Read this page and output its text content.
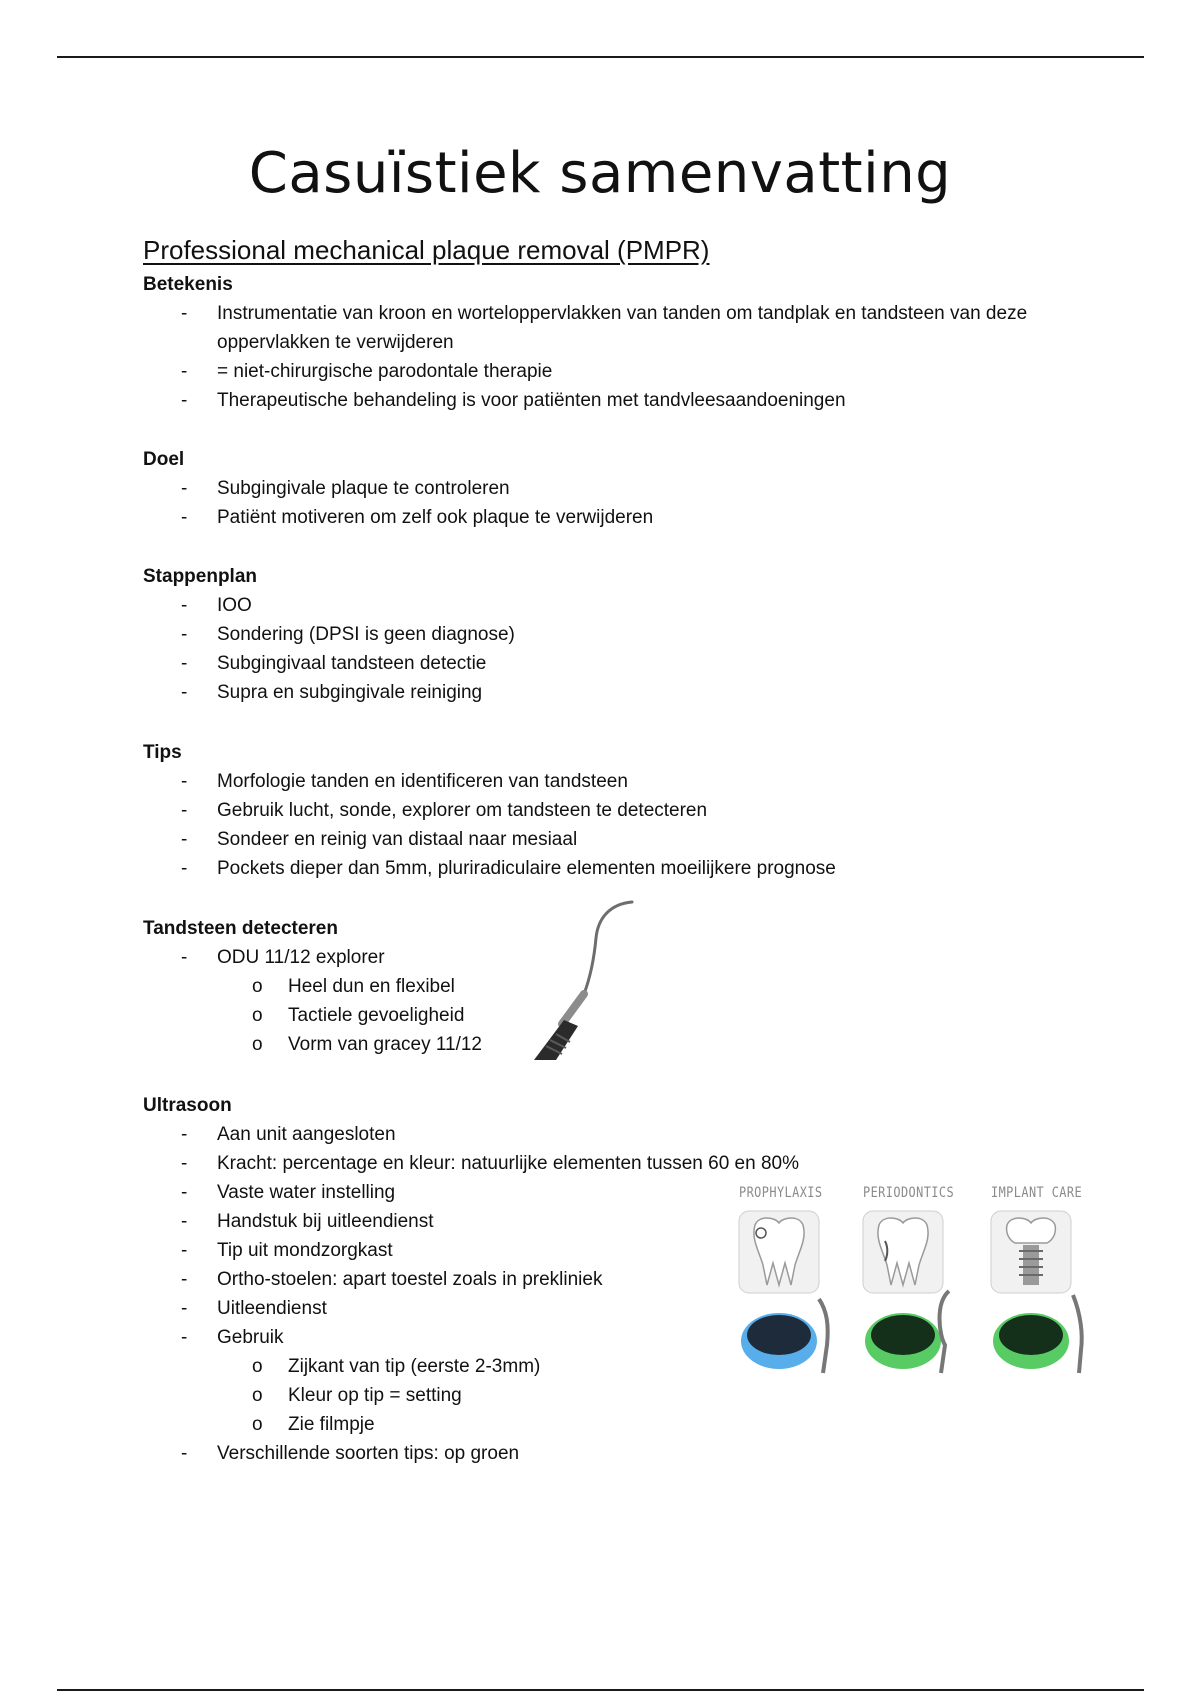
Casuïstiek samenvatting
Professional mechanical plaque removal (PMPR)

Betekenis

- Instrumentatie van kroon en worteloppervlakken van tanden om tandplak en tandsteen van deze oppervlakken te verwijderen
- = niet-chirurgische parodontale therapie
- Therapeutische behandeling is voor patiënten met tandvleesaandoeningen

Doel

- Subgingivale plaque te controleren
- Patiënt motiveren om zelf ook plaque te verwijderen

Stappenplan

- IOO
- Sondering (DPSI is geen diagnose)
- Subgingivaal tandsteen detectie
- Supra en subgingivale reiniging

Tips

- Morfologie tanden en identificeren van tandsteen
- Gebruik lucht, sonde, explorer om tandsteen te detecteren
- Sondeer en reinig van distaal naar mesiaal
- Pockets dieper dan 5mm, pluriradiculaire elementen moeilijkere prognose

Tandsteen detecteren

- ODU 11/12 explorer
o Heel dun en flexibel
o Tactiele gevoeligheid
o Vorm van gracey 11/12

Ultrasoon

- Aan unit aangesloten
- Kracht: percentage en kleur: natuurlijke elementen tussen 60 en 80%
- Vaste water instelling
- Handstuk bij uitleendienst
- Tip uit mondzorgkast
- Ortho-stoelen: apart toestel zoals in prekliniek
- Uitleendienst
- Gebruik
o Zijkant van tip (eerste 2-3mm)
o Kleur op tip = setting
o Zie filmpje
- Verschillende soorten tips: op groen
PROPHYLAXIS	PERIODONTICS	IMPLANT CARE
